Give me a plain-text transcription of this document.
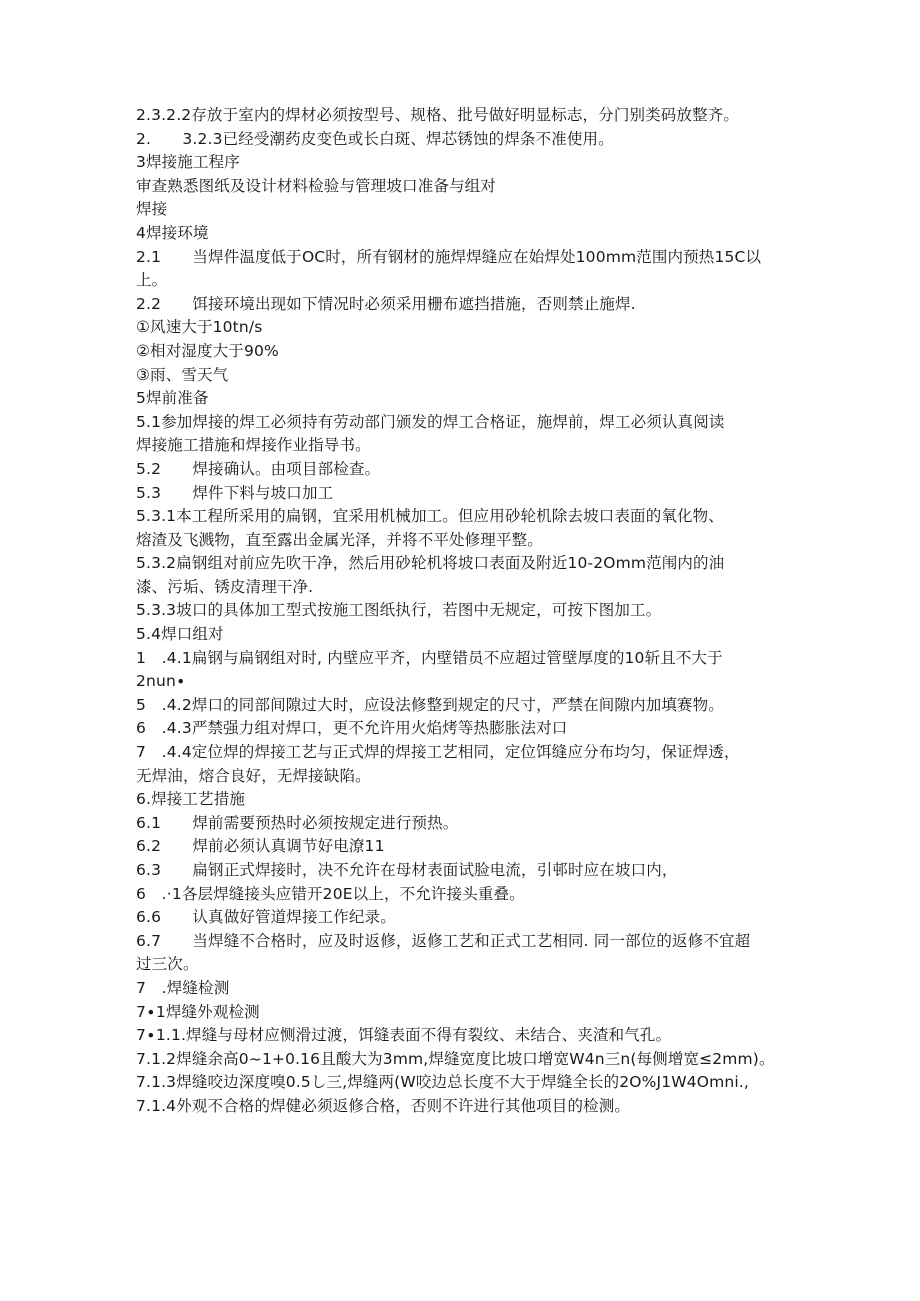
2.3.2.2存放于室内的焊材必须按型号、规格、批号做好明显标志，分门别类码放整齐。
2.　　3.2.3已经受潮药皮变色或长白斑、焊芯锈蚀的焊条不准使用。
3焊接施工程序
审查熟悉图纸及设计材料检验与管理坡口准备与组对
焊接
4焊接环境
2.1　　当焊件温度低于OC时，所有钢材的施焊焊缝应在始焊处100mm范围内预热15C以
上。
2.2　　饵接环境出现如下情况时必须采用栅布遮挡措施，否则禁止施焊.
①风速大于10tn∕s
②相对湿度大于90%
③雨、雪天气
5焊前准备
5.1参加焊接的焊工必须持有劳动部门颁发的焊工合格证，施焊前，焊工必须认真阅读
焊接施工措施和焊接作业指导书。
5.2　　焊接确认。由项目部检查。
5.3　　焊件下料与坡口加工
5.3.1本工程所采用的扁钢，宜采用机械加工。但应用砂轮机除去坡口表面的氧化物、
熔渣及飞溅物，直至露出金属光泽，并将不平处修理平整。
5.3.2扁钢组对前应先吹干净，然后用砂轮机将坡口表面及附近10-2Omm范闱内的油
漆、污垢、锈皮清理干净.
5.3.3坡口的具体加工型式按施工图纸执行，若图中无规定，可按下图加工。
5.4焊口组对
1　.4.1扁钢与扁钢组对时, 内壁应平齐，内壁错员不应超过管壁厚度的10斩且不大于
2nun∙
5　.4.2焊口的同部间隙过大时，应设法修整到规定的尺寸，严禁在间隙内加填赛物。
6　.4.3严禁强力组对焊口，更不允许用火焰烤等热膨胀法对口
7　.4.4定位焊的焊接工艺与正式焊的焊接工艺相同，定位饵缝应分布均匀，保证焊透，
无焊油，熔合良好，无焊接缺陷。
6.焊接工艺措施
6.1　　焊前需要预热时必须按规定进行预热。
6.2　　焊前必须认真调节好电潦11
6.3　　扁钢正式焊接时，决不允许在母材表面试脸电流，引邨时应在坡口内，
6　.·1各层焊缝接头应错开20E以上，不允许接头重叠。
6.6　　认真做好管道焊接工作纪录。
6.7　　当焊缝不合格时，应及时返修，返修工艺和正式工艺相同. 同一部位的返修不宜超
过三次。
7　.焊缝检测
7∙1焊缝外观检测
7∙1.1.焊缝与母材应恻滑过渡，饵缝表面不得有裂纹、未结合、夹渣和气孔。
7.1.2焊缝余高0~1+0.16且酸大为3mm,焊缝宽度比坡口增宽W4n三n(每侧增宽≤2mm)。
7.1.3焊缝咬边深度嗅0.5し三,焊缝两(W咬边总长度不大于焊缝全长的2O%J1W4Omni.,
7.1.4外观不合格的焊健必须返修合格，否则不许进行其他项目的检测。
